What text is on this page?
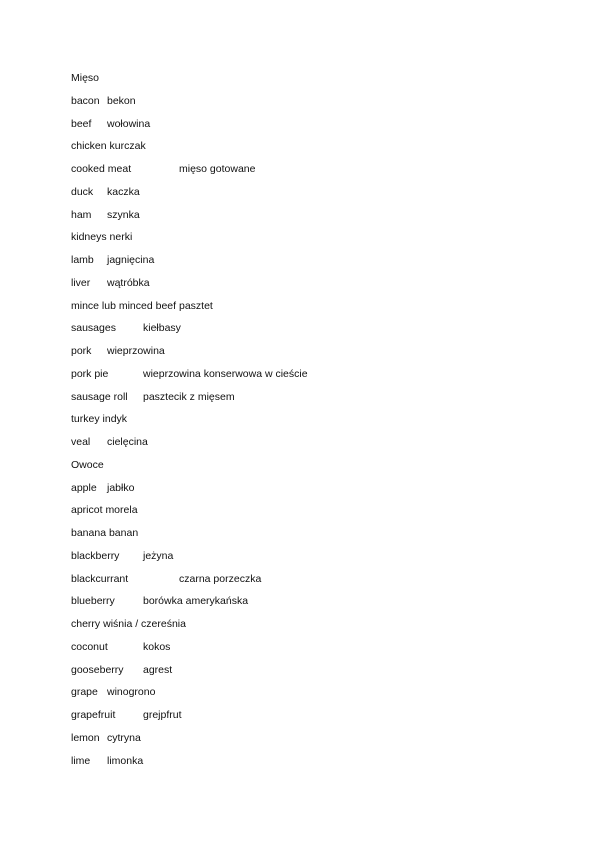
Mięso
bacon bekon
beef wołowina
chicken kurczak
cooked meat	mięso gotowane
duck kaczka
ham szynka
kidneys nerki
lamb jagnięcina
liver wątróbka
mince lub minced beef pasztet
sausages	kiełbasy
pork wieprzowina
pork pie	wieprzowina konserwowa w cieście
sausage roll pasztecik z mięsem
turkey indyk
veal cielęcina
Owoce
apple jabłko
apricot morela
banana banan
blackberry jeżyna
blackcurrant	czarna porzeczka
blueberry	borówka amerykańska
cherry wiśnia / czereśnia
coconut	kokos
gooseberry agrest
grape winogrono
grapefruit	grejpfrut
lemon cytryna
lime limonka
